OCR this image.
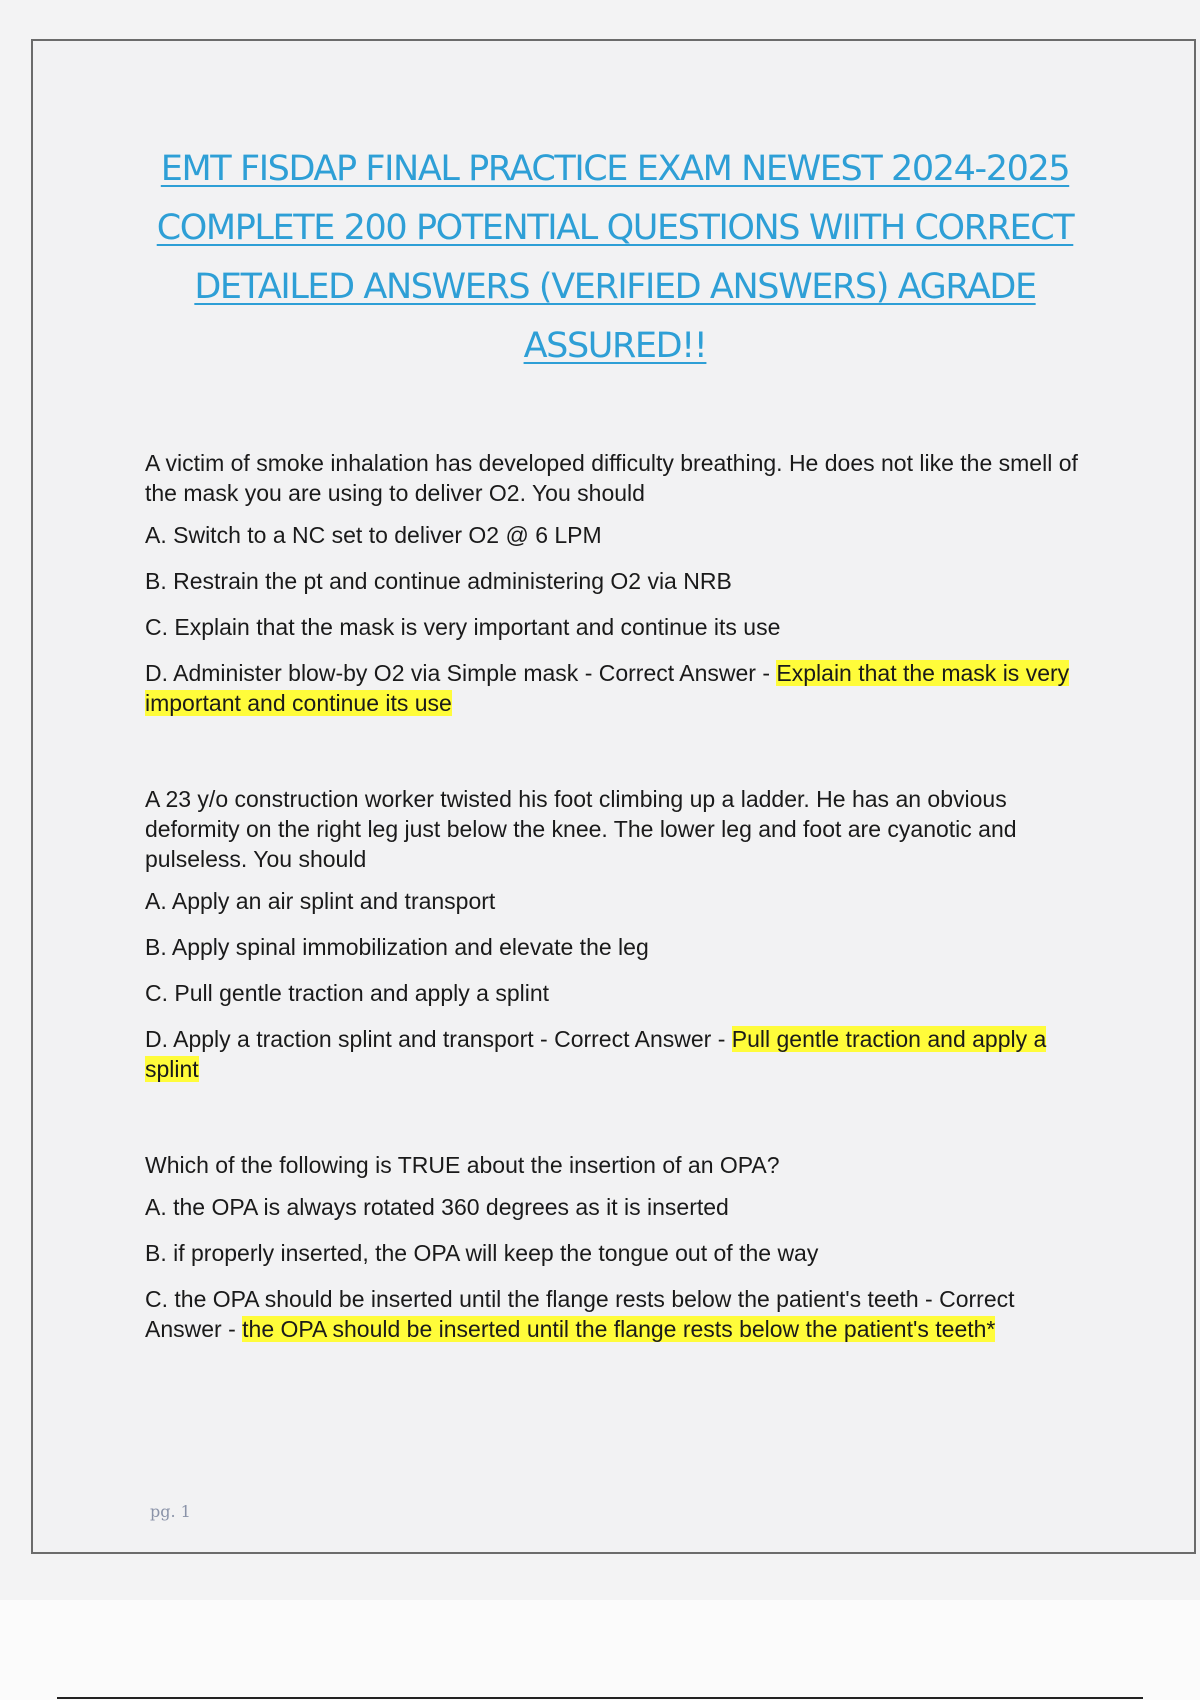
EMT FISDAP FINAL PRACTICE EXAM NEWEST 2024-2025 COMPLETE 200 POTENTIAL QUESTIONS WIITH CORRECT DETAILED ANSWERS (VERIFIED ANSWERS) AGRADE ASSURED!!

A victim of smoke inhalation has developed difficulty breathing. He does not like the smell of the mask you are using to deliver O2. You should

A. Switch to a NC set to deliver O2 @ 6 LPM

B. Restrain the pt and continue administering O2 via NRB

C. Explain that the mask is very important and continue its use

D. Administer blow-by O2 via Simple mask - Correct Answer - Explain that the mask is very important and continue its use

A 23 y/o construction worker twisted his foot climbing up a ladder. He has an obvious deformity on the right leg just below the knee. The lower leg and foot are cyanotic and pulseless. You should

A. Apply an air splint and transport

B. Apply spinal immobilization and elevate the leg

C. Pull gentle traction and apply a splint

D. Apply a traction splint and transport - Correct Answer - Pull gentle traction and apply a splint

Which of the following is TRUE about the insertion of an OPA?

A. the OPA is always rotated 360 degrees as it is inserted

B. if properly inserted, the OPA will keep the tongue out of the way

C. the OPA should be inserted until the flange rests below the patient's teeth - Correct Answer - the OPA should be inserted until the flange rests below the patient's teeth*

pg. 1
